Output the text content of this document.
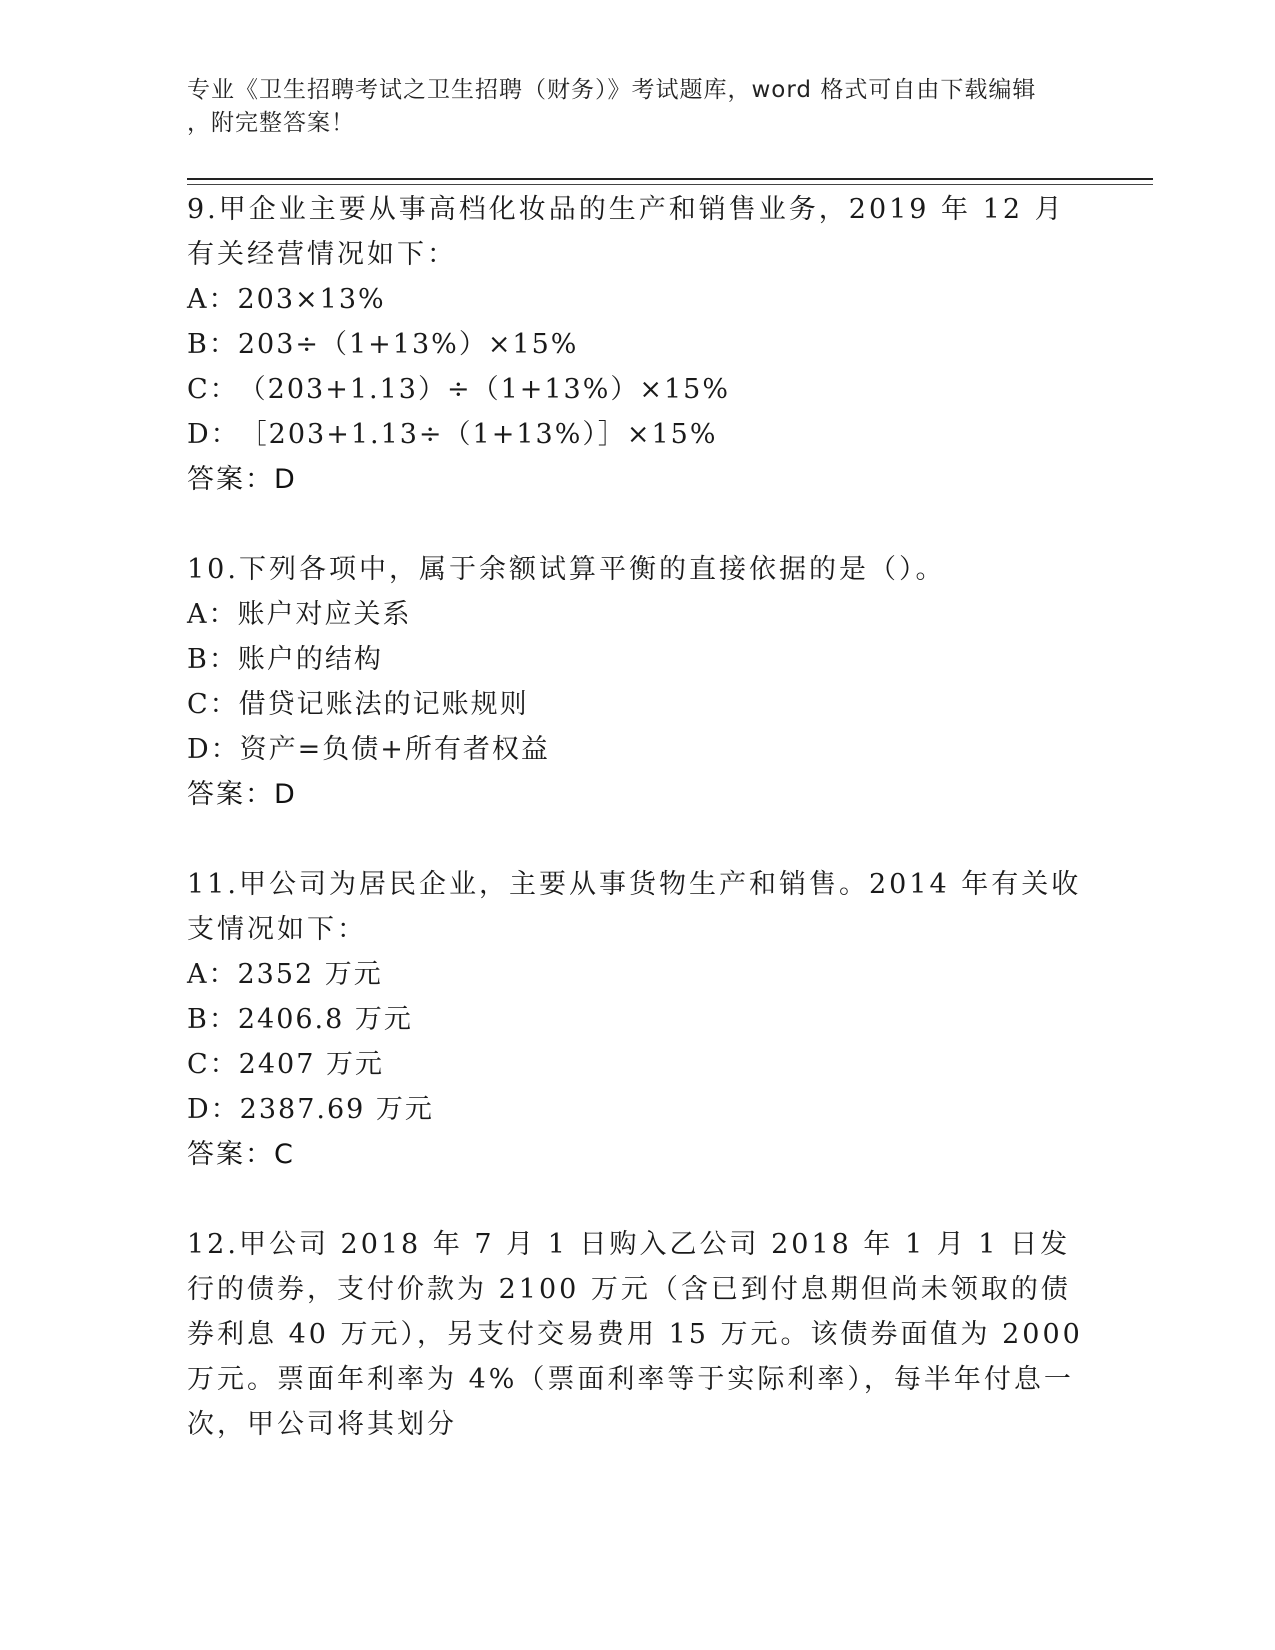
专业《卫生招聘考试之卫生招聘（财务）》考试题库，word 格式可自由下载编辑
，附完整答案！
9.甲企业主要从事高档化妆品的生产和销售业务，2019 年 12 月有关经营情况如下：
A：203×13%
B：203÷（1+13%）×15%
C：（203+1.13）÷（1+13%）×15%
D：［203+1.13÷（1+13%）］×15%
答案：D
10.下列各项中，属于余额试算平衡的直接依据的是（）。
A：账户对应关系
B：账户的结构
C：借贷记账法的记账规则
D：资产=负债+所有者权益
答案：D
11.甲公司为居民企业，主要从事货物生产和销售。2014 年有关收支情况如下：
A：2352 万元
B：2406.8 万元
C：2407 万元
D：2387.69 万元
答案：C
12.甲公司 2018 年 7 月 1 日购入乙公司 2018 年 1 月 1 日发行的债券，支付价款为 2100 万元（含已到付息期但尚未领取的债券利息 40 万元），另支付交易费用 15 万元。该债券面值为 2000 万元。票面年利率为 4%（票面利率等于实际利率），每半年付息一次，甲公司将其划分
